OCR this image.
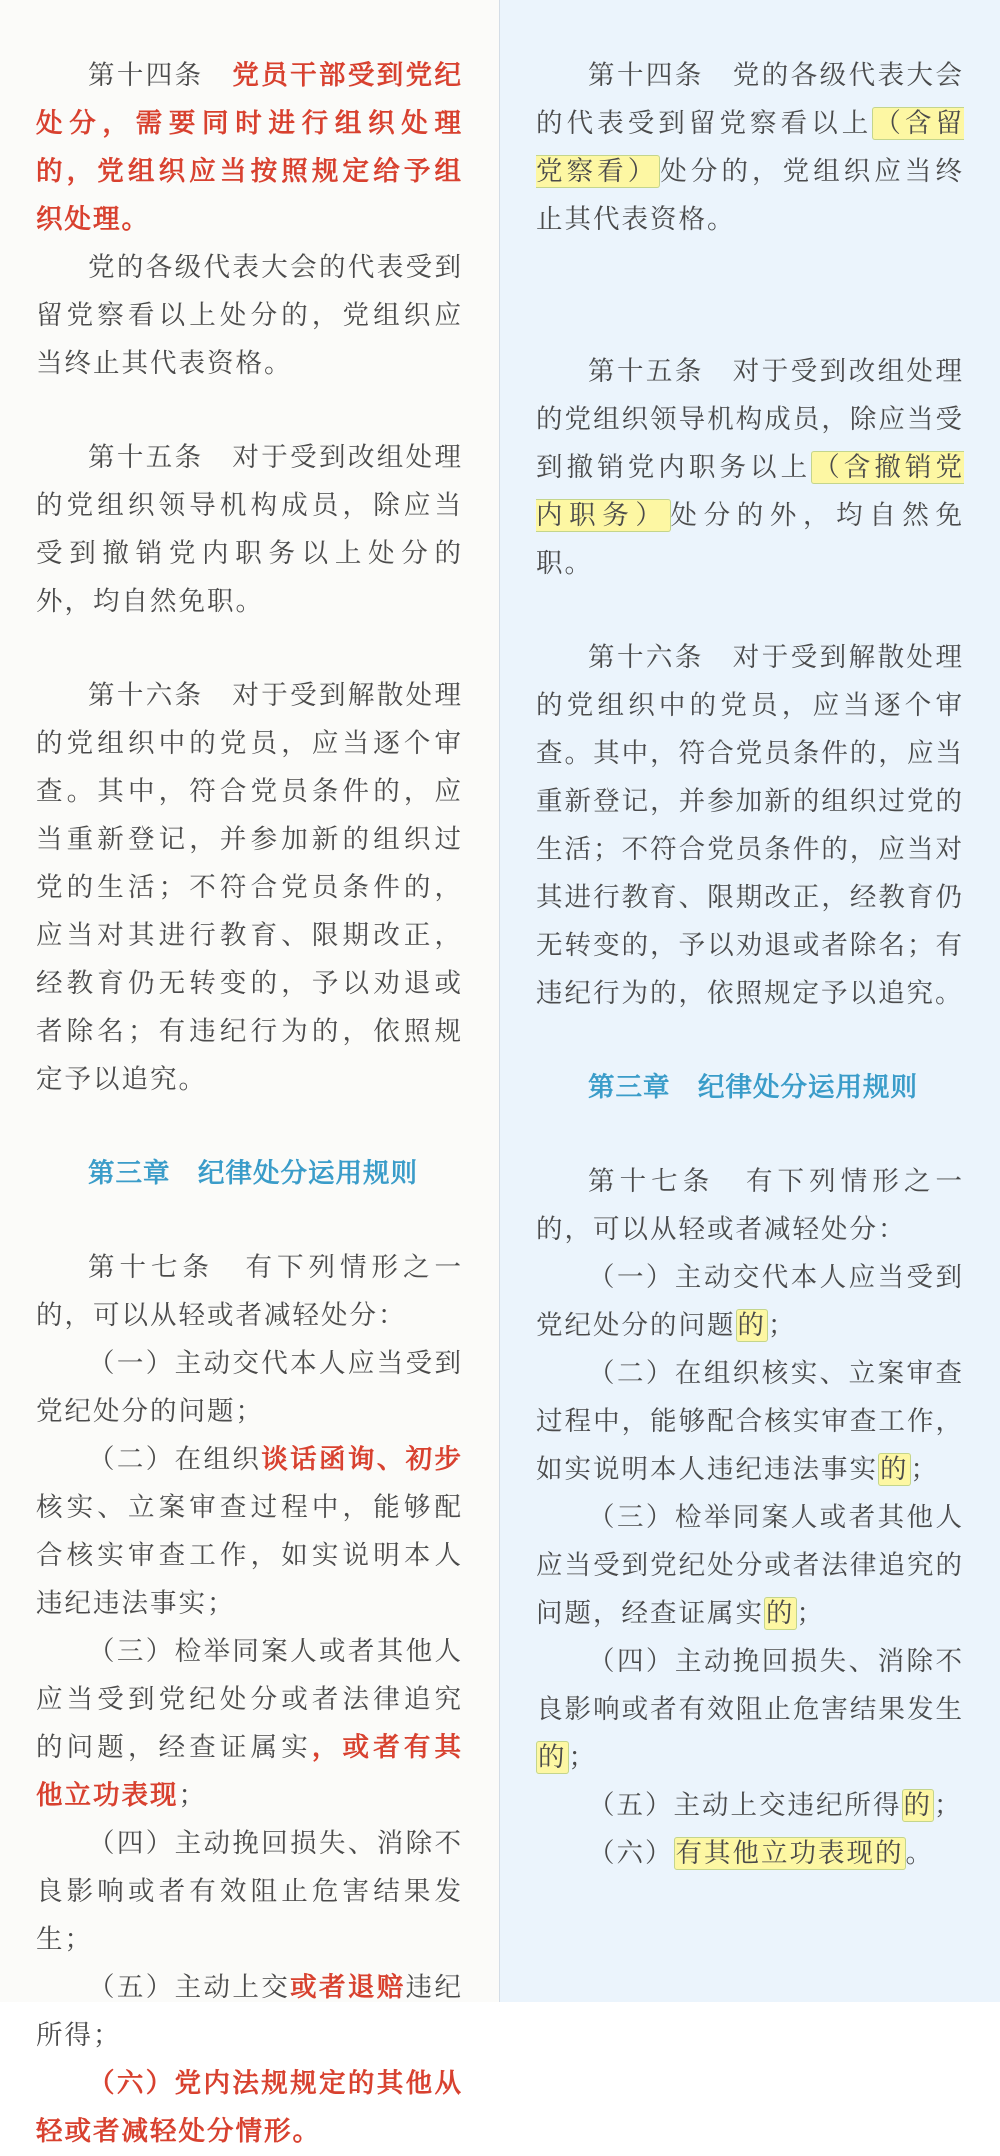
第十四条　党员干部受到党纪处分，需要同时进行组织处理的，党组织应当按照规定给予组织处理。

党的各级代表大会的代表受到留党察看以上处分的，党组织应当终止其代表资格。

第十五条　对于受到改组处理的党组织领导机构成员，除应当受到撤销党内职务以上处分的外，均自然免职。

第十六条　对于受到解散处理的党组织中的党员，应当逐个审查。其中，符合党员条件的，应当重新登记，并参加新的组织过党的生活；不符合党员条件的，应当对其进行教育、限期改正，经教育仍无转变的，予以劝退或者除名；有违纪行为的，依照规定予以追究。

第三章　纪律处分运用规则

第十七条　有下列情形之一的，可以从轻或者减轻处分：

（一）主动交代本人应当受到党纪处分的问题；

（二）在组织谈话函询、初步核实、立案审查过程中，能够配合核实审查工作，如实说明本人违纪违法事实；

（三）检举同案人或者其他人应当受到党纪处分或者法律追究的问题，经查证属实，或者有其他立功表现；

（四）主动挽回损失、消除不良影响或者有效阻止危害结果发生；

（五）主动上交或者退赔违纪所得；

（六）党内法规规定的其他从轻或者减轻处分情形。

第十四条　党的各级代表大会的代表受到留党察看以上（含留党察看）处分的，党组织应当终止其代表资格。

第十五条　对于受到改组处理的党组织领导机构成员，除应当受到撤销党内职务以上（含撤销党内职务）处分的外，均自然免职。

第十六条　对于受到解散处理的党组织中的党员，应当逐个审查。其中，符合党员条件的，应当重新登记，并参加新的组织过党的生活；不符合党员条件的，应当对其进行教育、限期改正，经教育仍无转变的，予以劝退或者除名；有违纪行为的，依照规定予以追究。

第三章　纪律处分运用规则

第十七条　有下列情形之一的，可以从轻或者减轻处分：

（一）主动交代本人应当受到党纪处分的问题的；

（二）在组织核实、立案审查过程中，能够配合核实审查工作，如实说明本人违纪违法事实的；

（三）检举同案人或者其他人应当受到党纪处分或者法律追究的问题，经查证属实的；

（四）主动挽回损失、消除不良影响或者有效阻止危害结果发生的；

（五）主动上交违纪所得的；

（六）有其他立功表现的。
